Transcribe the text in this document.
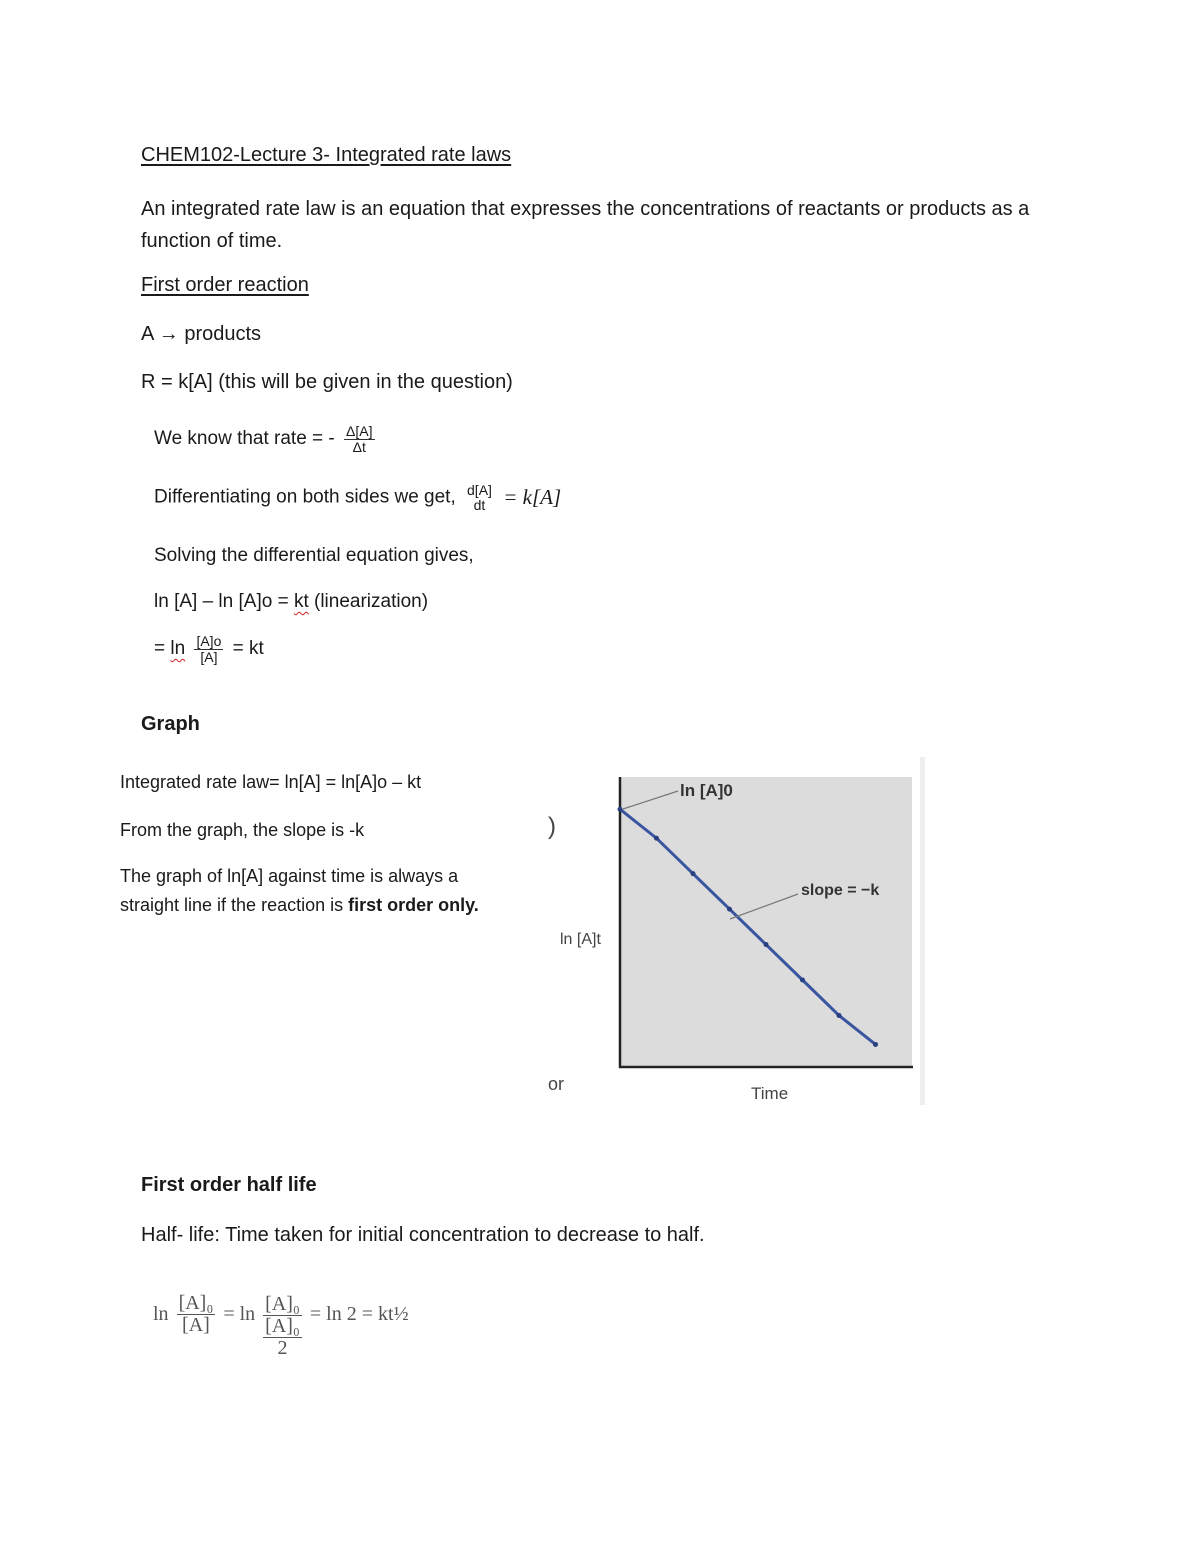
CHEM102-Lecture 3- Integrated rate laws
An integrated rate law is an equation that expresses the concentrations of reactants or products as a function of time.
First order reaction
A → products
R = k[A] (this will be given in the question)
We know that rate = - $\frac{\Delta[A]}{\Delta t}$
Differentiating on both sides we get, d[A]
dt = k[A]
Solving the differential equation gives,
ln [A] – ln [A]o = kt (linearization)
= $\ln \frac{[A]o}{[A]}$ = kt
Graph
Integrated rate law= ln[A] = ln[A]o – kt
From the graph, the slope is -k
The graph of ln[A] against time is always a straight line if the reaction is first order only.
ln [A]0
slope = −k
ln [A]t
Time
)
or
First order half life
Half- life: Time taken for initial concentration to decrease to half.
$\ln \frac{\text{[A]₀}}{[A]} = \ln [A]_0$
[A]₀
2
= ln 2 = kt½
